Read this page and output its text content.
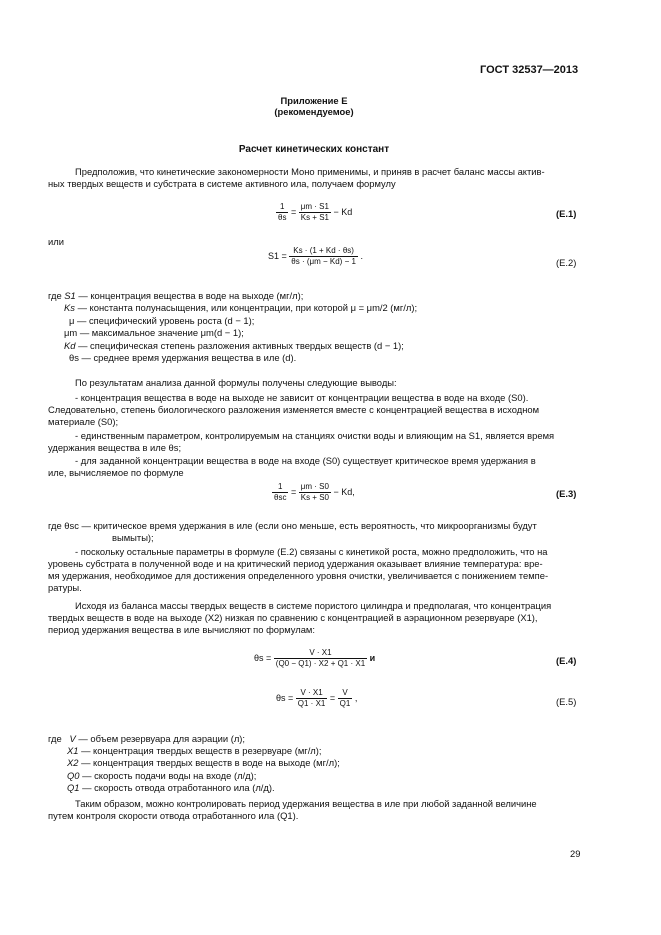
ГОСТ 32537—2013
Приложение Е
(рекомендуемое)
Расчет кинетических констант
Предположив, что кинетические закономерности Моно применимы, и приняв в расчет баланс массы актив-
ных твердых веществ и субстрата в системе активного ила, получаем формулу
$\frac{1}{\theta s} = \frac{\mu m \cdot S1}{Ks + S1} - Kd$	(Е.1)
или
$S1 = \frac{Ks \cdot (1 + Kd \cdot \theta s)}{\theta s \cdot (\mu m - Kd) - 1}$ .
(Е.2)
где S1 — концентрация вещества в воде на выходе (мг/л);
Ks — константа полунасыщения, или концентрации, при которой μ = μm/2 (мг/л);
μ — специфический уровень роста (d − 1);
μm — максимальное значение μm(d − 1);
Kd — специфическая степень разложения активных твердых веществ (d − 1);
θs — среднее время удержания вещества в иле (d).
По результатам анализа данной формулы получены следующие выводы:
- концентрация вещества в воде на выходе не зависит от концентрации вещества в воде на входе (S0).
Следовательно, степень биологического разложения изменяется вместе с концентрацией вещества в исходном
материале (S0);
- единственным параметром, контролируемым на станциях очистки воды и влияющим на S1, является время
удержания вещества в иле θs;
- для заданной концентрации вещества в воде на входе (S0) существует критическое время удержания в
иле, вычисляемое по формуле
$\frac{1}{\text{θsc}} = \frac{\mu m \cdot S0}{Ks + S0} - Kd$,	(Е.3)
где θsc — критическое время удержания в иле (если оно меньше, есть вероятность, что микроорганизмы будут
вымыты);
- поскольку остальные параметры в формуле (Е.2) связаны с кинетикой роста, можно предположить, что на
уровень субстрата в полученной воде и на критический период удержания оказывает влияние температура: вре-
мя удержания, необходимое для достижения определенного уровня очистки, увеличивается с понижением темпе-
ратуры.
Исходя из баланса массы твердых веществ в системе пористого цилиндра и предполагая, что концентрация
твердых веществ в воде на выходе (X2) низкая по сравнению с концентрацией в аэрационном резервуаре (X1),
период удержания вещества в иле вычисляют по формулам:
$\theta s = \frac{V \cdot X1}{(Q0 - Q1) \cdot X2 + Q1 \cdot X1}$ и	(Е.4)
$\theta s = \frac{V \cdot X1}{Q1 \cdot X1} = \frac{V}{Q1}$ ,	(Е.5)
где V — объем резервуара для аэрации (л);
X1 — концентрация твердых веществ в резервуаре (мг/л);
X2 — концентрация твердых веществ в воде на выходе (мг/л);
Q0 — скорость подачи воды на входе (л/д);
Q1 — скорость отвода отработанного ила (л/д).
Таким образом, можно контролировать период удержания вещества в иле при любой заданной величине
путем контроля скорости отвода отработанного ила (Q1).
29
